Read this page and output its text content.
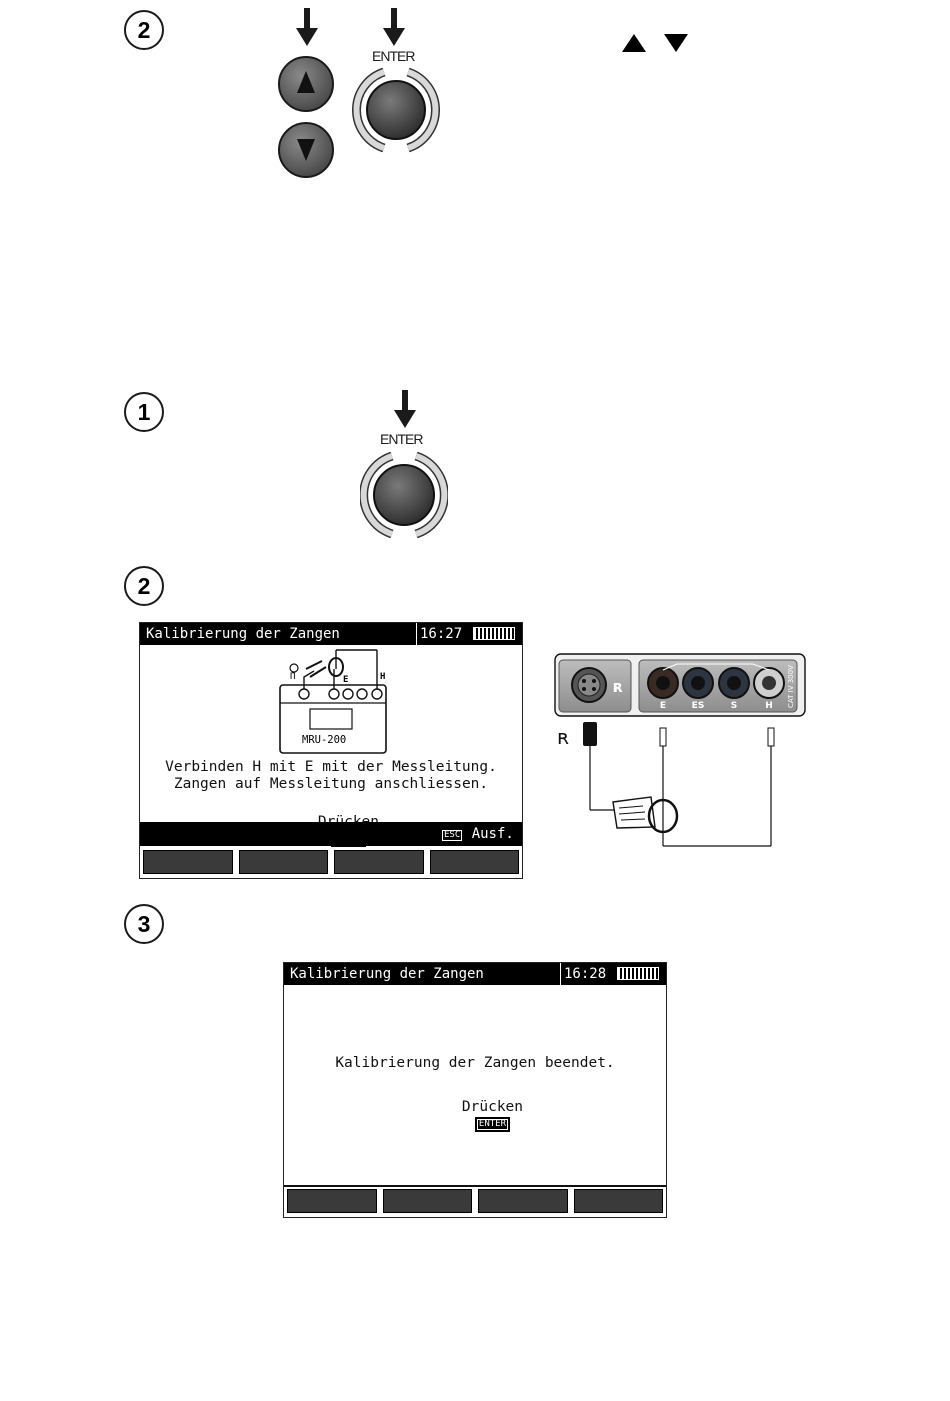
2
ENTER
1
ENTER
2
Kalibrierung der Zangen	16:27
П	E	H
MRU-200
Verbinden H mit E mit der Messleitung.
Zangen auf Messleitung anschliessen.

ESC Ausf.
ʀ
E	ES	S	H CAT IV 300V
ʀ
3
Kalibrierung der Zangen	16:28
Kalibrierung der Zangen beendet.

Drücken
ENTER
